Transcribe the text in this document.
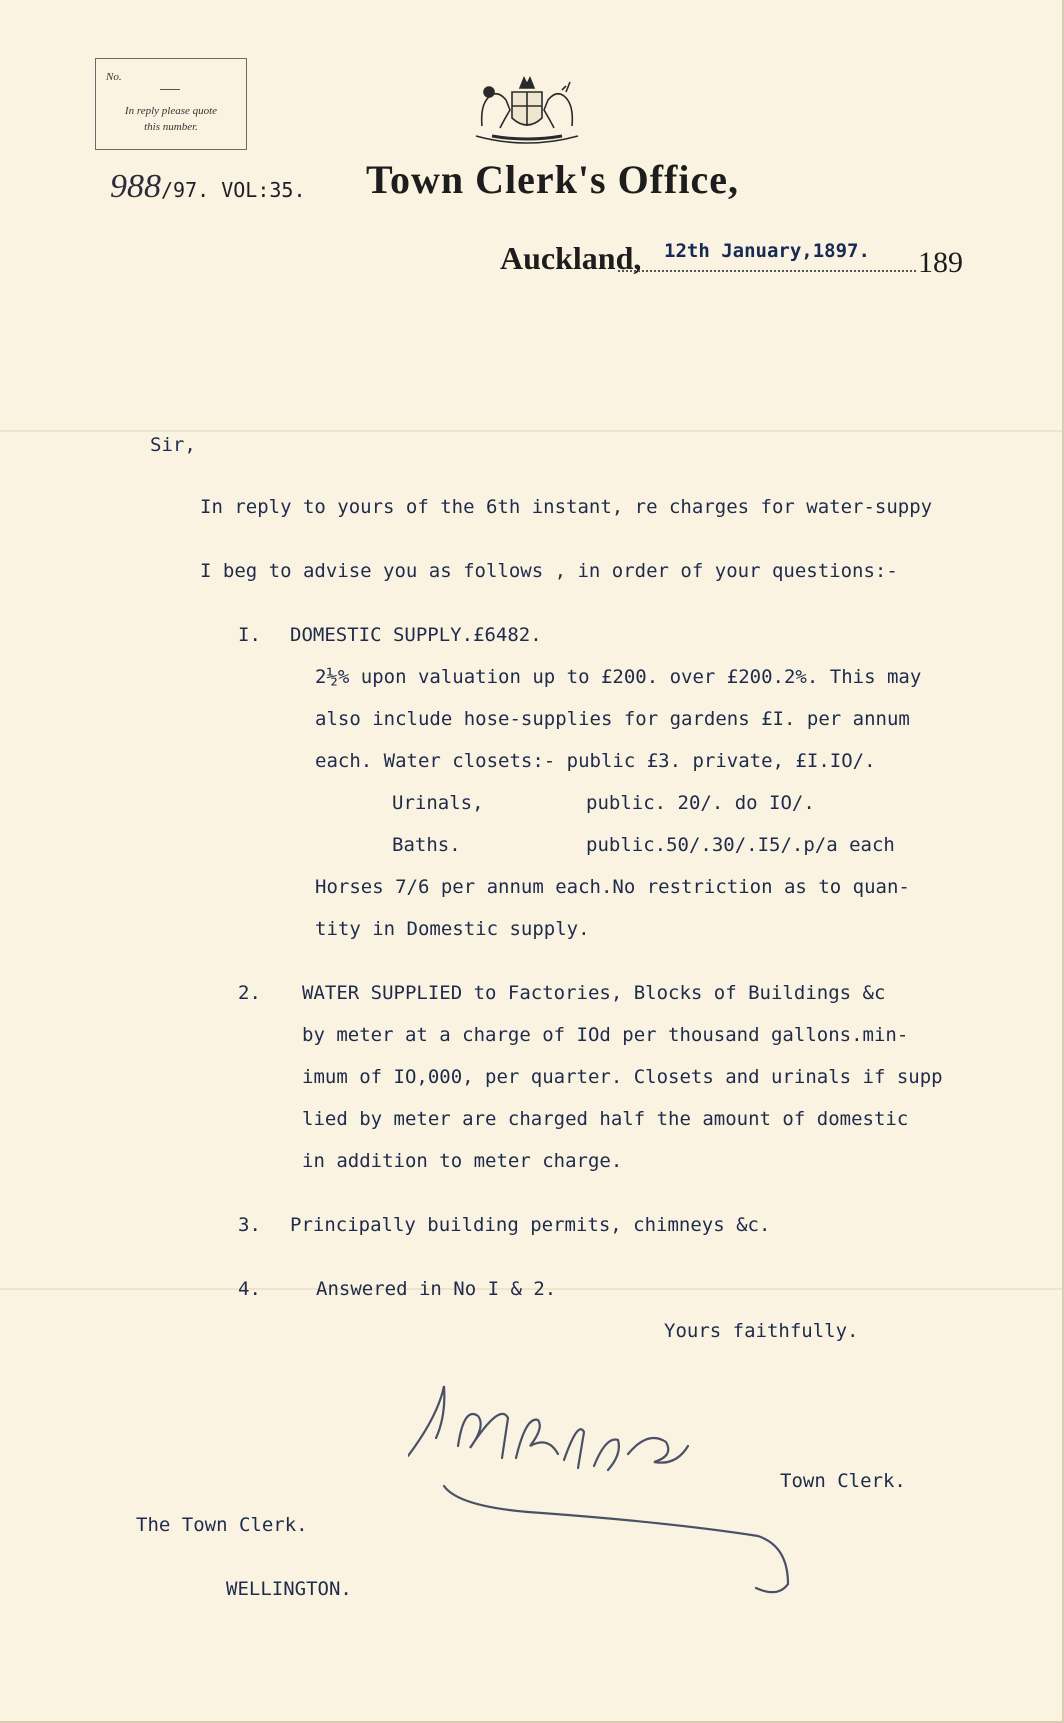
No.
In reply please quote
this number.
988/97. VOL:35. Town Clerk's Office,
Auckland, 12th January,1897. 189
Sir,
In reply to yours of the 6th instant, re charges for water-suppy
I beg to advise you as follows , in order of your questions:-
I. DOMESTIC SUPPLY.£6482.
2½% upon valuation up to £200. over £200.2%. This may
also include hose-supplies for gardens £I. per annum
each. Water closets:- public £3. private, £I.IO/.
Urinals,	public. 20/. do IO/.
Baths.	public.50/.30/.I5/.p/a each
Horses 7/6 per annum each.No restriction as to quan-
tity in Domestic supply.
2. WATER SUPPLIED to Factories, Blocks of Buildings &c
by meter at a charge of IOd per thousand gallons.min-
imum of IO,000, per quarter. Closets and urinals if supp
lied by meter are charged half the amount of domestic
in addition to meter charge.
3. Principally building permits, chimneys &c.
4.	Answered in No I & 2.
Yours faithfully.
Town Clerk.
The Town Clerk.
WELLINGTON.
